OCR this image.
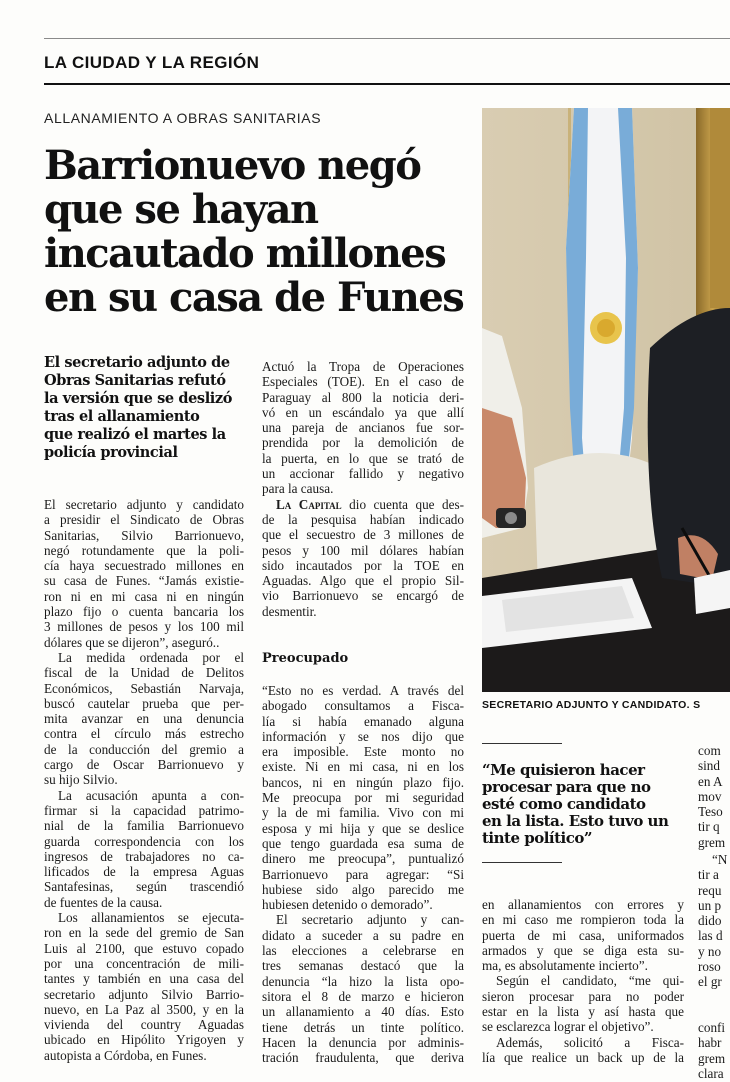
LA CIUDAD Y LA REGIÓN
ALLANAMIENTO A OBRAS SANITARIAS
Barrionuevo negó
que se hayan
incautado millones
en su casa de Funes
El secretario adjunto de
Obras Sanitarias refutó
la versión que se deslizó
tras el allanamiento
que realizó el martes la
policía provincial
El secretario adjunto y candidato
a presidir el Sindicato de Obras
Sanitarias, Silvio Barrionuevo,
negó rotundamente que la poli-
cía haya secuestrado millones en
su casa de Funes. “Jamás existie-
ron ni en mi casa ni en ningún
plazo fijo o cuenta bancaria los
3 millones de pesos y los 100 mil
dólares que se dijeron”, aseguró..
La medida ordenada por el
fiscal de la Unidad de Delitos
Económicos, Sebastián Narvaja,
buscó cautelar prueba que per-
mita avanzar en una denuncia
contra el círculo más estrecho
de la conducción del gremio a
cargo de Oscar Barrionuevo y
su hijo Silvio.
La acusación apunta a con-
firmar si la capacidad patrimo-
nial de la familia Barrionuevo
guarda correspondencia con los
ingresos de trabajadores no ca-
lificados de la empresa Aguas
Santafesinas, según trascendió
de fuentes de la causa.
Los allanamientos se ejecuta-
ron en la sede del gremio de San
Luis al 2100, que estuvo copado
por una concentración de mili-
tantes y también en una casa del
secretario adjunto Silvio Barrio-
nuevo, en La Paz al 3500, y en la
vivienda del country Aguadas
ubicado en Hipólito Yrigoyen y
autopista a Córdoba, en Funes.
Actuó la Tropa de Operaciones
Especiales (TOE). En el caso de
Paraguay al 800 la noticia deri-
vó en un escándalo ya que allí
una pareja de ancianos fue sor-
prendida por la demolición de
la puerta, en lo que se trató de
un accionar fallido y negativo
para la causa.
La Capital dio cuenta que des-
de la pesquisa habían indicado
que el secuestro de 3 millones de
pesos y 100 mil dólares habían
sido incautados por la TOE en
Aguadas. Algo que el propio Sil-
vio Barrionuevo se encargó de
desmentir.
Preocupado
“Esto no es verdad. A través del
abogado consultamos a Fisca-
lía si había emanado alguna
información y se nos dijo que
era imposible. Este monto no
existe. Ni en mi casa, ni en los
bancos, ni en ningún plazo fijo.
Me preocupa por mi seguridad
y la de mi familia. Vivo con mi
esposa y mi hija y que se deslice
que tengo guardada esa suma de
dinero me preocupa”, puntualizó
Barrionuevo para agregar: “Si
hubiese sido algo parecido me
hubiesen detenido o demorado”.
El secretario adjunto y can-
didato a suceder a su padre en
las elecciones a celebrarse en
tres semanas destacó que la
denuncia “la hizo la lista opo-
sitora el 8 de marzo e hicieron
un allanamiento a 40 días. Esto
tiene detrás un tinte político.
Hacen la denuncia por adminis-
tración fraudulenta, que deriva
SECRETARIO ADJUNTO Y CANDIDATO. S
“Me quisieron hacer
procesar para que no
esté como candidato
en la lista. Esto tuvo un
tinte político”
en allanamientos con errores y
en mi caso me rompieron toda la
puerta de mi casa, uniformados
armados y que se diga esta su-
ma, es absolutamente incierto”.
Según el candidato, “me qui-
sieron procesar para no poder
estar en la lista y así hasta que
se esclarezca lograr el objetivo”.
Además, solicitó a Fisca-
lía que realice un back up de la
com
sind
en A
mov
Teso
tir q
grem
“N
tir a
requ
un p
dido
las d
y no
roso
el gr
confi
habr
grem
clara
